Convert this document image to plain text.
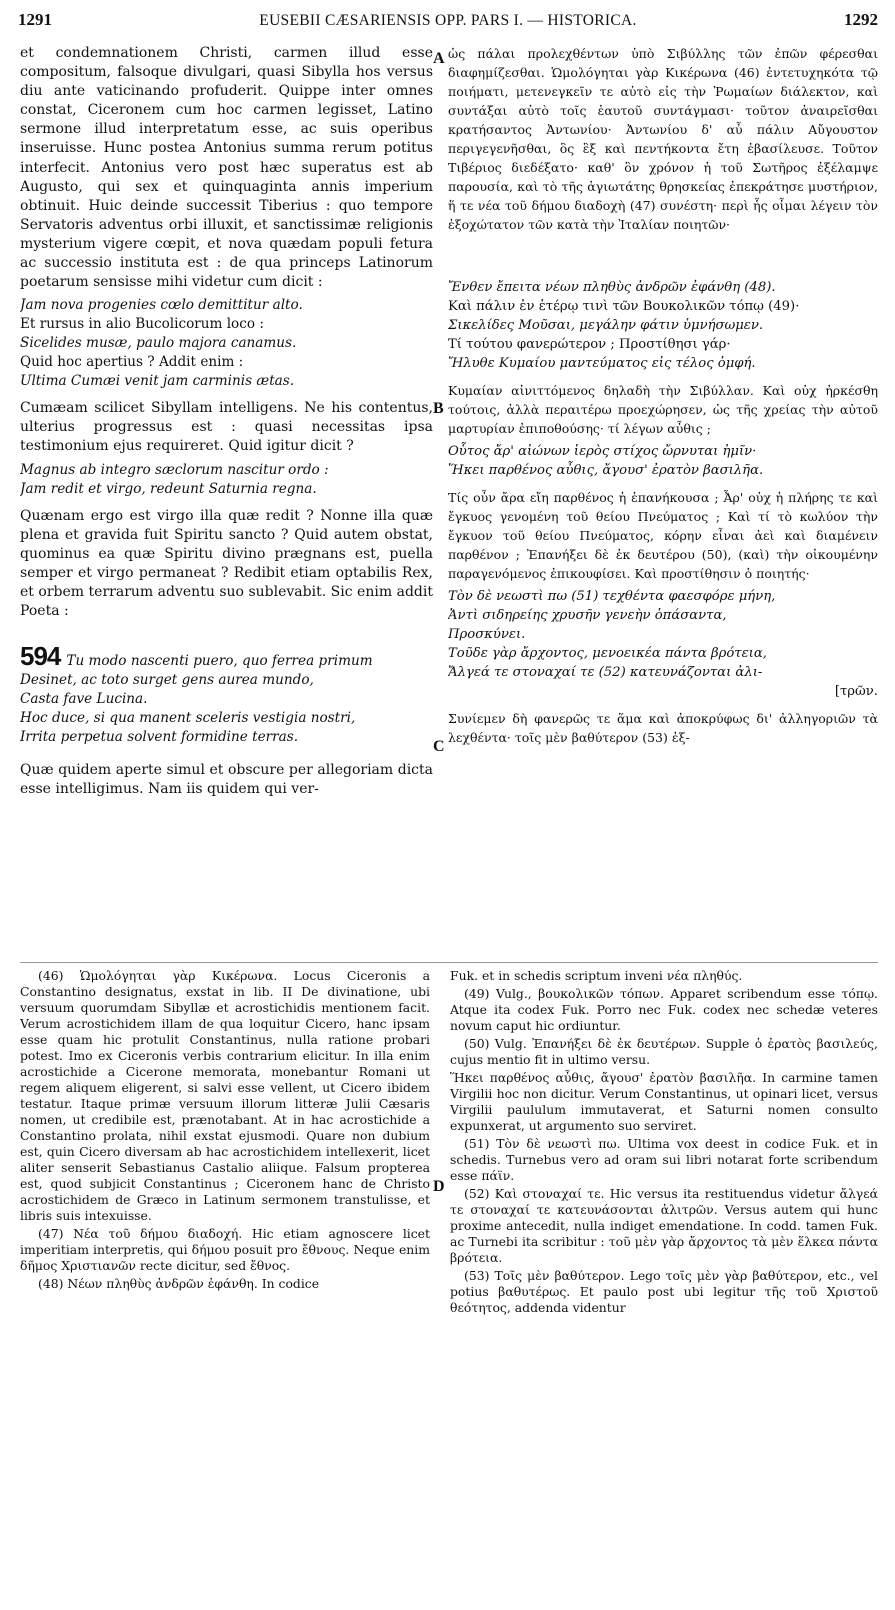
1291	EUSEBII CÆSARIENSIS OPP. PARS I. — HISTORICA.	1292
A
B
C
D

et condemnationem Christi, carmen illud esse compositum, falsoque divulgari, quasi Sibylla hos versus diu ante vaticinando profuderit. Quippe inter omnes constat, Ciceronem cum hoc carmen legisset, Latino sermone illud interpretatum esse, ac suis operibus inseruisse. Hunc postea Antonius summa rerum potitus interfecit. Antonius vero post hæc superatus est ab Augusto, qui sex et quinquaginta annis imperium obtinuit. Huic deinde successit Tiberius : quo tempore Servatoris adventus orbi illuxit, et sanctissimæ religionis mysterium vigere cœpit, et nova quædam populi fetura ac successio instituta est : de qua princeps Latinorum poetarum sensisse mihi videtur cum dicit :

Jam nova progenies cœlo demittitur alto.

Et rursus in alio Bucolicorum loco :

Sicelides musæ, paulo majora canamus.

Quid hoc apertius ? Addit enim :

Ultima Cumæi venit jam carminis ætas.

Cumæam scilicet Sibyllam intelligens. Ne his contentus, ulterius progressus est : quasi necessitas ipsa testimonium ejus requireret. Quid igitur dicit ?

Magnus ab integro sæclorum nascitur ordo :

Jam redit et virgo, redeunt Saturnia regna.

Quænam ergo est virgo illa quæ redit ? Nonne illa quæ plena et gravida fuit Spiritu sancto ? Quid autem obstat, quominus ea quæ Spiritu divino prægnans est, puella semper et virgo permaneat ? Redibit etiam optabilis Rex, et orbem terrarum adventu suo sublevabit. Sic enim addit Poeta :

594 Tu modo nascenti puero, quo ferrea primum

Desinet, ac toto surget gens aurea mundo,

Casta fave Lucina.

Hoc duce, si qua manent sceleris vestigia nostri,

Irrita perpetua solvent formidine terras.

Quæ quidem aperte simul et obscure per allegoriam dicta esse intelligimus. Nam iis quidem qui ver-

ὡς πάλαι προλεχθέντων ὑπὸ Σιβύλλης τῶν ἐπῶν φέρεσθαι διαφημίζεσθαι. Ὡμολόγηται γὰρ Κικέρωνα (46) ἐντετυχηκότα τῷ ποιήματι, μετενεγκεῖν τε αὐτὸ εἰς τὴν Ῥωμαίων διάλεκτον, καὶ συντάξαι αὐτὸ τοῖς ἑαυτοῦ συντάγμασι· τοῦτον ἀναιρεῖσθαι κρατήσαντος Ἀντωνίου· Ἀντωνίου δ' αὖ πάλιν Αὔγουστον περιγεγενῆσθαι, ὃς ἓξ καὶ πεντήκοντα ἔτη ἐβασίλευσε. Τοῦτον Τιβέριος διεδέξατο· καθ' ὃν χρόνον ἡ τοῦ Σωτῆρος ἐξέλαμψε παρουσία, καὶ τὸ τῆς ἁγιωτάτης θρησκείας ἐπεκράτησε μυστήριον, ἥ τε νέα τοῦ δήμου διαδοχὴ (47) συνέστη· περὶ ἧς οἶμαι λέγειν τὸν ἐξοχώτατον τῶν κατὰ τὴν Ἰταλίαν ποιητῶν·

Ἔνθεν ἔπειτα νέων πληθὺς ἀνδρῶν ἐφάνθη (48).

Καὶ πάλιν ἐν ἑτέρῳ τινὶ τῶν Βουκολικῶν τόπῳ (49)·

Σικελίδες Μοῦσαι, μεγάλην φάτιν ὑμνήσωμεν.

Τί τούτου φανερώτερον ; Προστίθησι γάρ·

Ἤλυθε Κυμαίου μαντεύματος εἰς τέλος ὀμφή.

Κυμαίαν αἰνιττόμενος δηλαδὴ τὴν Σιβύλλαν. Καὶ οὐχ ἠρκέσθη τούτοις, ἀλλὰ περαιτέρω προεχώρησεν, ὡς τῆς χρείας τὴν αὐτοῦ μαρτυρίαν ἐπιποθούσης· τί λέγων αὖθις ;

Οὗτος ἄρ' αἰώνων ἱερὸς στίχος ὤρνυται ἡμῖν·

Ἥκει παρθένος αὖθις, ἄγουσ' ἐρατὸν βασιλῆα.

Τίς οὖν ἄρα εἴη παρθένος ἡ ἐπανήκουσα ; Ἆρ' οὐχ ἡ πλήρης τε καὶ ἔγκυος γενομένη τοῦ θείου Πνεύματος ; Καὶ τί τὸ κωλύον τὴν ἔγκυον τοῦ θείου Πνεύματος, κόρην εἶναι ἀεὶ καὶ διαμένειν παρθένον ; Ἐπανήξει δὲ ἐκ δευτέρου (50), (καὶ) τὴν οἰκουμένην παραγενόμενος ἐπικουφίσει. Καὶ προστίθησιν ὁ ποιητής·

Τὸν δὲ νεωστὶ πω (51) τεχθέντα φαεσφόρε μήνη,

Ἀντὶ σιδηρείης χρυσῆν γενεὴν ὀπάσαντα,

Προσκύνει.

Τοῦδε γὰρ ἄρχοντος, μενοεικέα πάντα βρότεια,

Ἄλγεά τε στοναχαί τε (52) κατευνάζονται ἀλι-

[τρῶν.

Συνίεμεν δὴ φανερῶς τε ἅμα καὶ ἀποκρύφως δι' ἀλληγοριῶν τὰ λεχθέντα· τοῖς μὲν βαθύτερον (53) ἐξ-

(46) Ὡμολόγηται γὰρ Κικέρωνα. Locus Ciceronis a Constantino designatus, exstat in lib. II De divinatione, ubi versuum quorumdam Sibyllæ et acrostichidis mentionem facit. Verum acrostichidem illam de qua loquitur Cicero, hanc ipsam esse quam hic protulit Constantinus, nulla ratione probari potest. Imo ex Ciceronis verbis contrarium elicitur. In illa enim acrostichide a Cicerone memorata, monebantur Romani ut regem aliquem eligerent, si salvi esse vellent, ut Cicero ibidem testatur. Itaque primæ versuum illorum litteræ Julii Cæsaris nomen, ut credibile est, prænotabant. At in hac acrostichide a Constantino prolata, nihil exstat ejusmodi. Quare non dubium est, quin Cicero diversam ab hac acrostichidem intellexerit, licet aliter senserit Sebastianus Castalio aliique. Falsum propterea est, quod subjicit Constantinus ; Ciceronem hanc de Christo acrostichidem de Græco in Latinum sermonem transtulisse, et libris suis intexuisse.

(47) Νέα τοῦ δήμου διαδοχή. Hic etiam agnoscere licet imperitiam interpretis, qui δήμου posuit pro ἔθνους. Neque enim δῆμος Χριστιανῶν recte dicitur, sed ἔθνος.

(48) Νέων πληθὺς ἀνδρῶν ἐφάνθη. In codice

Fuk. et in schedis scriptum inveni νέα πληθύς.

(49) Vulg., βουκολικῶν τόπων. Apparet scribendum esse τόπῳ. Atque ita codex Fuk. Porro nec Fuk. codex nec schedæ veteres novum caput hic ordiuntur.

(50) Vulg. Ἐπανήξει δὲ ἐκ δευτέρων. Supple ὁ ἐρατὸς βασιλεύς, cujus mentio fit in ultimo versu.

Ἥκει παρθένος αὖθις, ἄγουσ' ἐρατὸν βασιλῆα. In carmine tamen Virgilii hoc non dicitur. Verum Constantinus, ut opinari licet, versus Virgilii paululum immutaverat, et Saturni nomen consulto expunxerat, ut argumento suo serviret.

(51) Τὸν δὲ νεωστὶ πω. Ultima vox deest in codice Fuk. et in schedis. Turnebus vero ad oram sui libri notarat forte scribendum esse πάϊν.

(52) Καὶ στοναχαί τε. Hic versus ita restituendus videtur ἄλγεά τε στοναχαί τε κατευνάσονται ἀλιτρῶν. Versus autem qui hunc proxime antecedit, nulla indiget emendatione. In codd. tamen Fuk. ac Turnebi ita scribitur : τοῦ μὲν γὰρ ἄρχοντος τὰ μὲν ἕλκεα πάντα βρότεια.

(53) Τοῖς μὲν βαθύτερον. Lego τοῖς μὲν γὰρ βαθύτερον, etc., vel potius βαθυτέρως. Et paulo post ubi legitur τῆς τοῦ Χριστοῦ θεότητος, addenda videntur
